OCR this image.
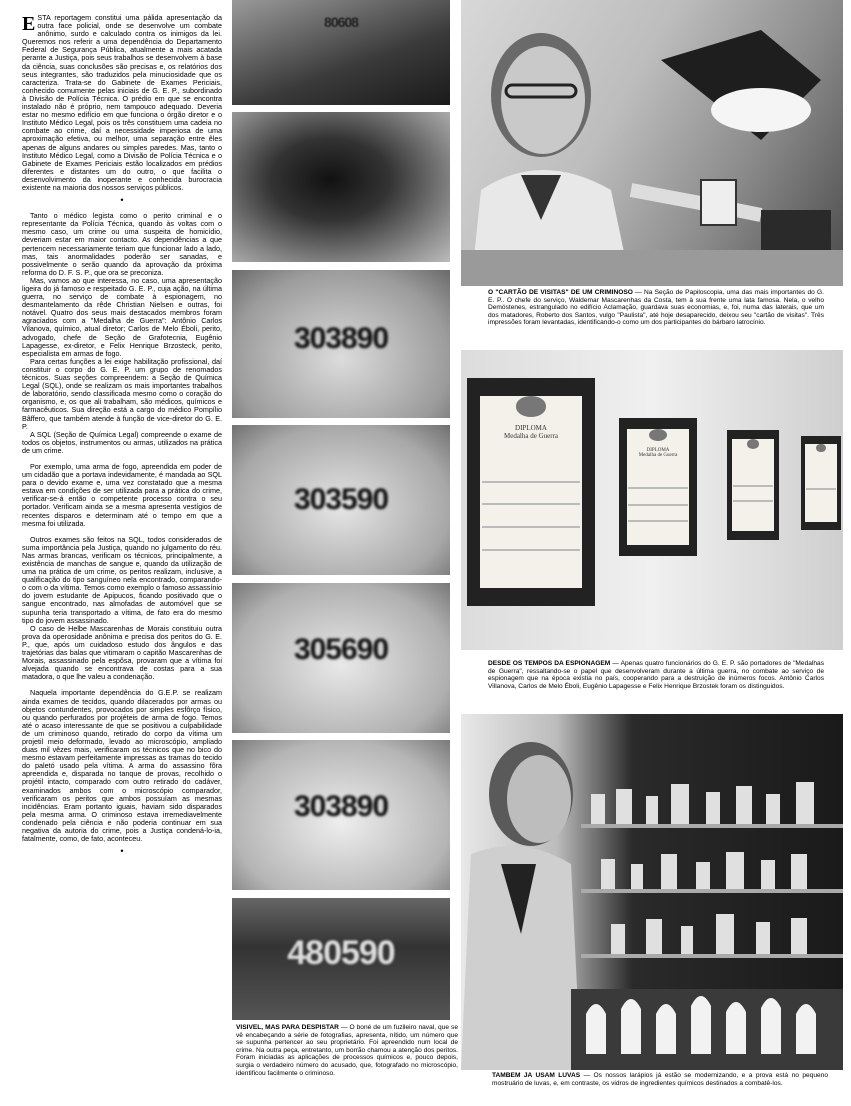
ESTA reportagem constitui uma pálida apresentação da outra face policial, onde se desenvolve um combate anônimo, surdo e calculado contra os inimigos da lei. Queremos nos referir a uma dependência do Departamento Federal de Segurança Pública, atualmente a mais acatada perante a Justiça, pois seus trabalhos se desenvolvem à base da ciência, suas conclusões são precisas e, os relatórios dos seus integrantes, são traduzidos pela minuciosidade que os caracteriza. Trata-se do Gabinete de Exames Periciais, conhecido comumente pelas iniciais de G. E. P., subordinado à Divisão de Polícia Técnica. O prédio em que se encontra instalado não é próprio, nem tampouco adequado. Deveria estar no mesmo edifício em que funciona o órgão diretor e o Instituto Médico Legal, pois os três constituem uma cadeia no combate ao crime, daí a necessidade imperiosa de uma aproximação efetiva, ou melhor, uma separação entre êles apenas de alguns andares ou simples paredes. Mas, tanto o Instituto Médico Legal, como a Divisão de Polícia Técnica e o Gabinete de Exames Periciais estão localizados em prédios diferentes e distantes um do outro, o que facilita o desenvolvimento da inoperante e conhecida burocracia existente na maioria dos nossos serviços públicos.

•

Tanto o médico legista como o perito criminal e o representante da Polícia Técnica, quando às voltas com o mesmo caso, um crime ou uma suspeita de homicídio, deveriam estar em maior contacto. As dependências a que pertencem necessariamente teriam que funcionar lado a lado, mas, tais anormalidades poderão ser sanadas, e possivelmente o serão quando da aprovação da próxima reforma do D. F. S. P., que ora se preconiza.

Mas, vamos ao que interessa, no caso, uma apresentação ligeira do já famoso e respeitado G. E. P., cuja ação, na última guerra, no serviço de combate à espionagem, no desmantelamento da rêde Christian Nielsen e outras, foi notável. Quatro dos seus mais destacados membros foram agraciados com a "Medalha de Guerra": Antônio Carlos Vilanova, químico, atual diretor; Carlos de Melo Éboli, perito, advogado, chefe de Seção de Grafotecnia, Eugênio Lapagesse, ex-diretor, e Felix Henrique Brzosteck, perito, especialista em armas de fogo.

Para certas funções a lei exige habilitação profissional, daí constituir o corpo do G. E. P. um grupo de renomados técnicos. Suas seções compreendem: a Seção de Química Legal (SQL), onde se realizam os mais importantes trabalhos de laboratório, sendo classificada mesmo como o coração do organismo, e, os que ali trabalham, são médicos, químicos e farmacêuticos. Sua direção está a cargo do médico Pompílio Bâffero, que também atende à função de vice-diretor do G. E. P.

A SQL (Seção de Química Legal) compreende o exame de todos os objetos, instrumentos ou armas, utilizados na prática de um crime.

Por exemplo, uma arma de fogo, apreendida em poder de um cidadão que a portava indevidamente, é mandada ao SQL para o devido exame e, uma vez constatado que a mesma estava em condições de ser utilizada para a prática do crime, verificar-se-á então o competente processo contra o seu portador. Verificam ainda se a mesma apresenta vestígios de recentes disparos e determinam até o tempo em que a mesma foi utilizada.

Outros exames são feitos na SQL, todos considerados de suma importância pela Justiça, quando no julgamento do réu. Nas armas brancas, verificam os técnicos, principalmente, a existência de manchas de sangue e, quando da utilização de uma na prática de um crime, os peritos realizam, inclusive, a qualificação do tipo sanguíneo nela encontrado, comparando-o com o da vítima. Temos como exemplo o famoso assassínio do jovem estudante de Apipucos, ficando positivado que o sangue encontrado, nas almofadas de automóvel que se supunha teria transportado a vítima, de fato era do mesmo tipo do jovem assassinado.

O caso de Helbe Mascarenhas de Morais constituiu outra prova da operosidade anônima e precisa dos peritos do G. E. P., que, após um cuidadoso estudo dos ângulos e das trajetórias das balas que vitimaram o capitão Mascarenhas de Morais, assassinado pela espôsa, provaram que a vítima foi alvejada quando se encontrava de costas para a sua matadora, o que lhe valeu a condenação.

Naquela importante dependência do G.E.P. se realizam ainda exames de tecidos, quando dilacerados por armas ou objetos contundentes, provocados por simples esfôrço físico, ou quando perfurados por projéteis de arma de fogo. Temos até o acaso interessante de que se positivou a culpabilidade de um criminoso quando, retirado do corpo da vítima um projetil meio deformado, levado ao microscópio, ampliado duas mil vêzes mais, verificaram os técnicos que no bico do mesmo estavam perfeitamente impressas as tramas do tecido do paletó usado pela vítima. A arma do assassino fôra apreendida e, disparada no tanque de provas, recolhido o projétil intacto, comparado com outro retirado do cadáver, examinados ambos com o microscópio comparador, verificaram os peritos que ambos possuíam as mesmas incidências. Eram portanto iguais, haviam sido disparados pela mesma arma. O criminoso estava irremediavelmente condenado pela ciência e não poderia continuar em sua negativa da autoria do crime, pois a Justiça condená-lo-ia, fatalmente, como, de fato, aconteceu.

•
80608
303890
303590
305690
303890
480590
VISIVEL, MAS PARA DESPISTAR — O boné de um fuzileiro naval, que se vê encabeçando a série de fotografias, apresenta, nítido, um número que se supunha pertencer ao seu proprietário. Foi apreendido num local de crime. Na outra peça, entretanto, um borrão chamou a atenção dos peritos. Foram iniciadas as aplicações de processos químicos e, pouco depois, surgia o verdadeiro número do acusado, que, fotografado no microscópio, identificou facilmente o criminoso.
O "CARTÃO DE VISITAS" DE UM CRIMINOSO — Na Seção de Papiloscopia, uma das mais importantes do G. E. P.. O chefe do serviço, Waldemar Mascarenhas da Costa, tem à sua frente uma lata famosa. Nela, o velho Demóstenes, estrangulado no edifício Aclamação, guardava suas economias, e, foi, numa das laterais, que um dos matadores, Roberto dos Santos, vulgo "Paulista", até hoje desaparecido, deixou seu "cartão de visitas". Três impressões foram levantadas, identificando-o como um dos participantes do bárbaro latrocínio.
DIPLOMA
Medalha de Guerra
DIPLOMA
Medalha de Guerra
DESDE OS TEMPOS DA ESPIONAGEM — Apenas quatro funcionários do G. E. P. são portadores de "Medalhas de Guerra", ressaltando-se o papel que desenvolveram durante a última guerra, no combate ao serviço de espionagem que na época existia no país, cooperando para a destruição de inúmeros focos. Antônio Carlos Villanova, Carlos de Melo Éboli, Eugênio Lapagesse e Felix Henrique Brzostek foram os distinguidos.
TAMBEM JA USAM LUVAS — Os nossos larápios já estão se modernizando, e a prova está no pequeno mostruário de luvas, e, em contraste, os vidros de ingredientes químicos destinados a combatê-los.
